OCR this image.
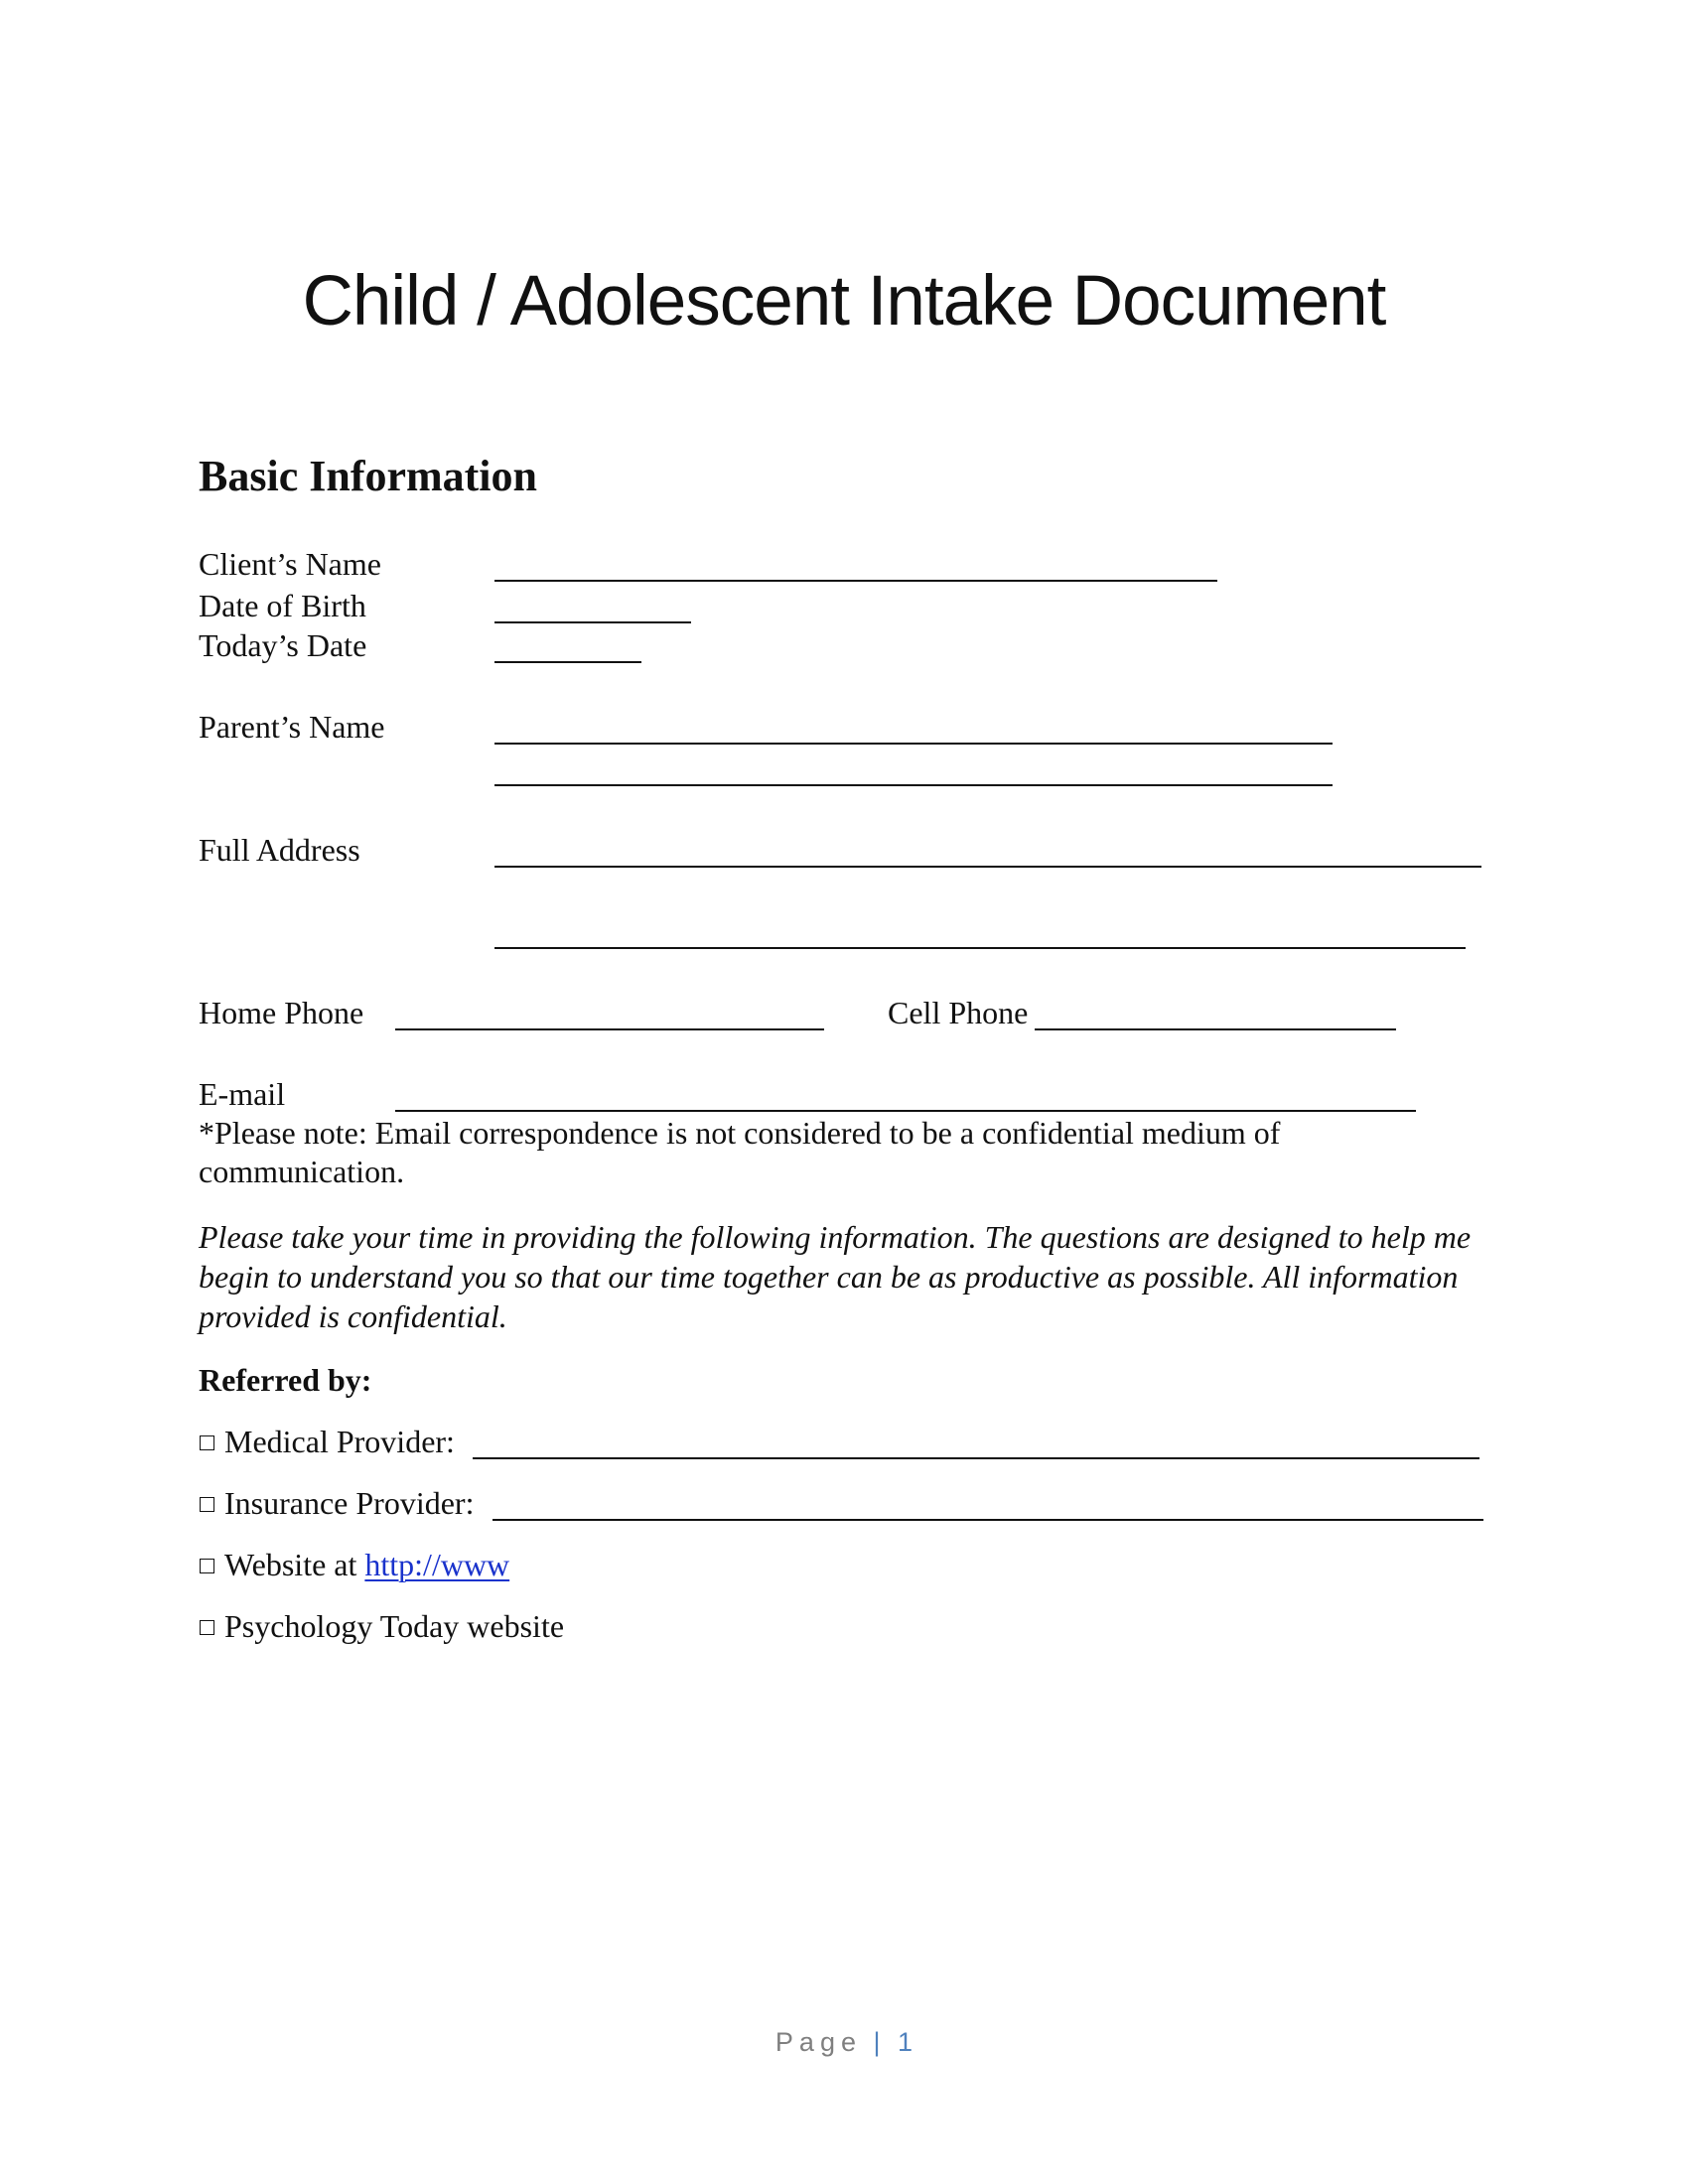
Child / Adolescent Intake Document
Basic Information
Client’s Name
Date of Birth
Today’s Date
Parent’s Name
Full Address
Home Phone	Cell Phone
E-mail
*Please note: Email correspondence is not considered to be a confidential medium of communication.
Please take your time in providing the following information. The questions are designed to help me begin to understand you so that our time together can be as productive as possible. All information provided is confidential.
Referred by:
Medical Provider:
Insurance Provider:
Website at http://www
Psychology Today website
Page | 1
